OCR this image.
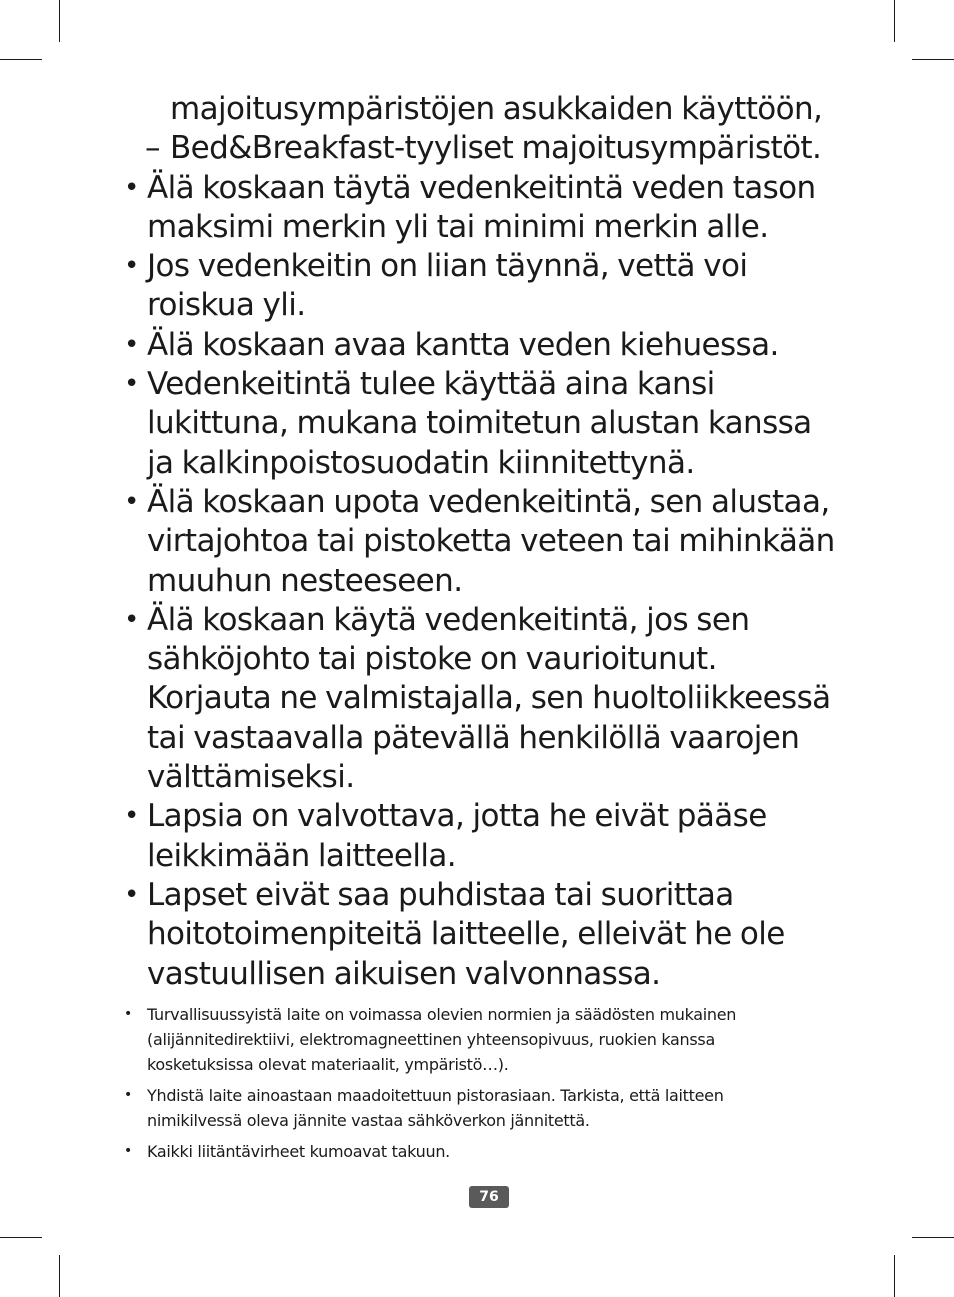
majoitusympäristöjen asukkaiden käyttöön,
– Bed&Breakfast-tyyliset majoitusympäristöt.
• Älä koskaan täytä vedenkeitintä veden tason
maksimi merkin yli tai minimi merkin alle.
• Jos vedenkeitin on liian täynnä, vettä voi
roiskua yli.
• Älä koskaan avaa kantta veden kiehuessa.
• Vedenkeitintä tulee käyttää aina kansi
lukittuna, mukana toimitetun alustan kanssa
ja kalkinpoistosuodatin kiinnitettynä.
• Älä koskaan upota vedenkeitintä, sen alustaa,
virtajohtoa tai pistoketta veteen tai mihinkään
muuhun nesteeseen.
• Älä koskaan käytä vedenkeitintä, jos sen
sähköjohto tai pistoke on vaurioitunut.
Korjauta ne valmistajalla, sen huoltoliikkeessä
tai vastaavalla pätevällä henkilöllä vaarojen
välttämiseksi.
• Lapsia on valvottava, jotta he eivät pääse
leikkimään laitteella.
• Lapset eivät saa puhdistaa tai suorittaa
hoitotoimenpiteitä laitteelle, elleivät he ole
vastuullisen aikuisen valvonnassa.
• Turvallisuussyistä laite on voimassa olevien normien ja säädösten mukainen
(alijännitedirektiivi, elektromagneettinen yhteensopivuus, ruokien kanssa
kosketuksissa olevat materiaalit, ympäristö…).
• Yhdistä laite ainoastaan maadoitettuun pistorasiaan. Tarkista, että laitteen
nimikilvessä oleva jännite vastaa sähköverkon jännitettä.
• Kaikki liitäntävirheet kumoavat takuun.
76
